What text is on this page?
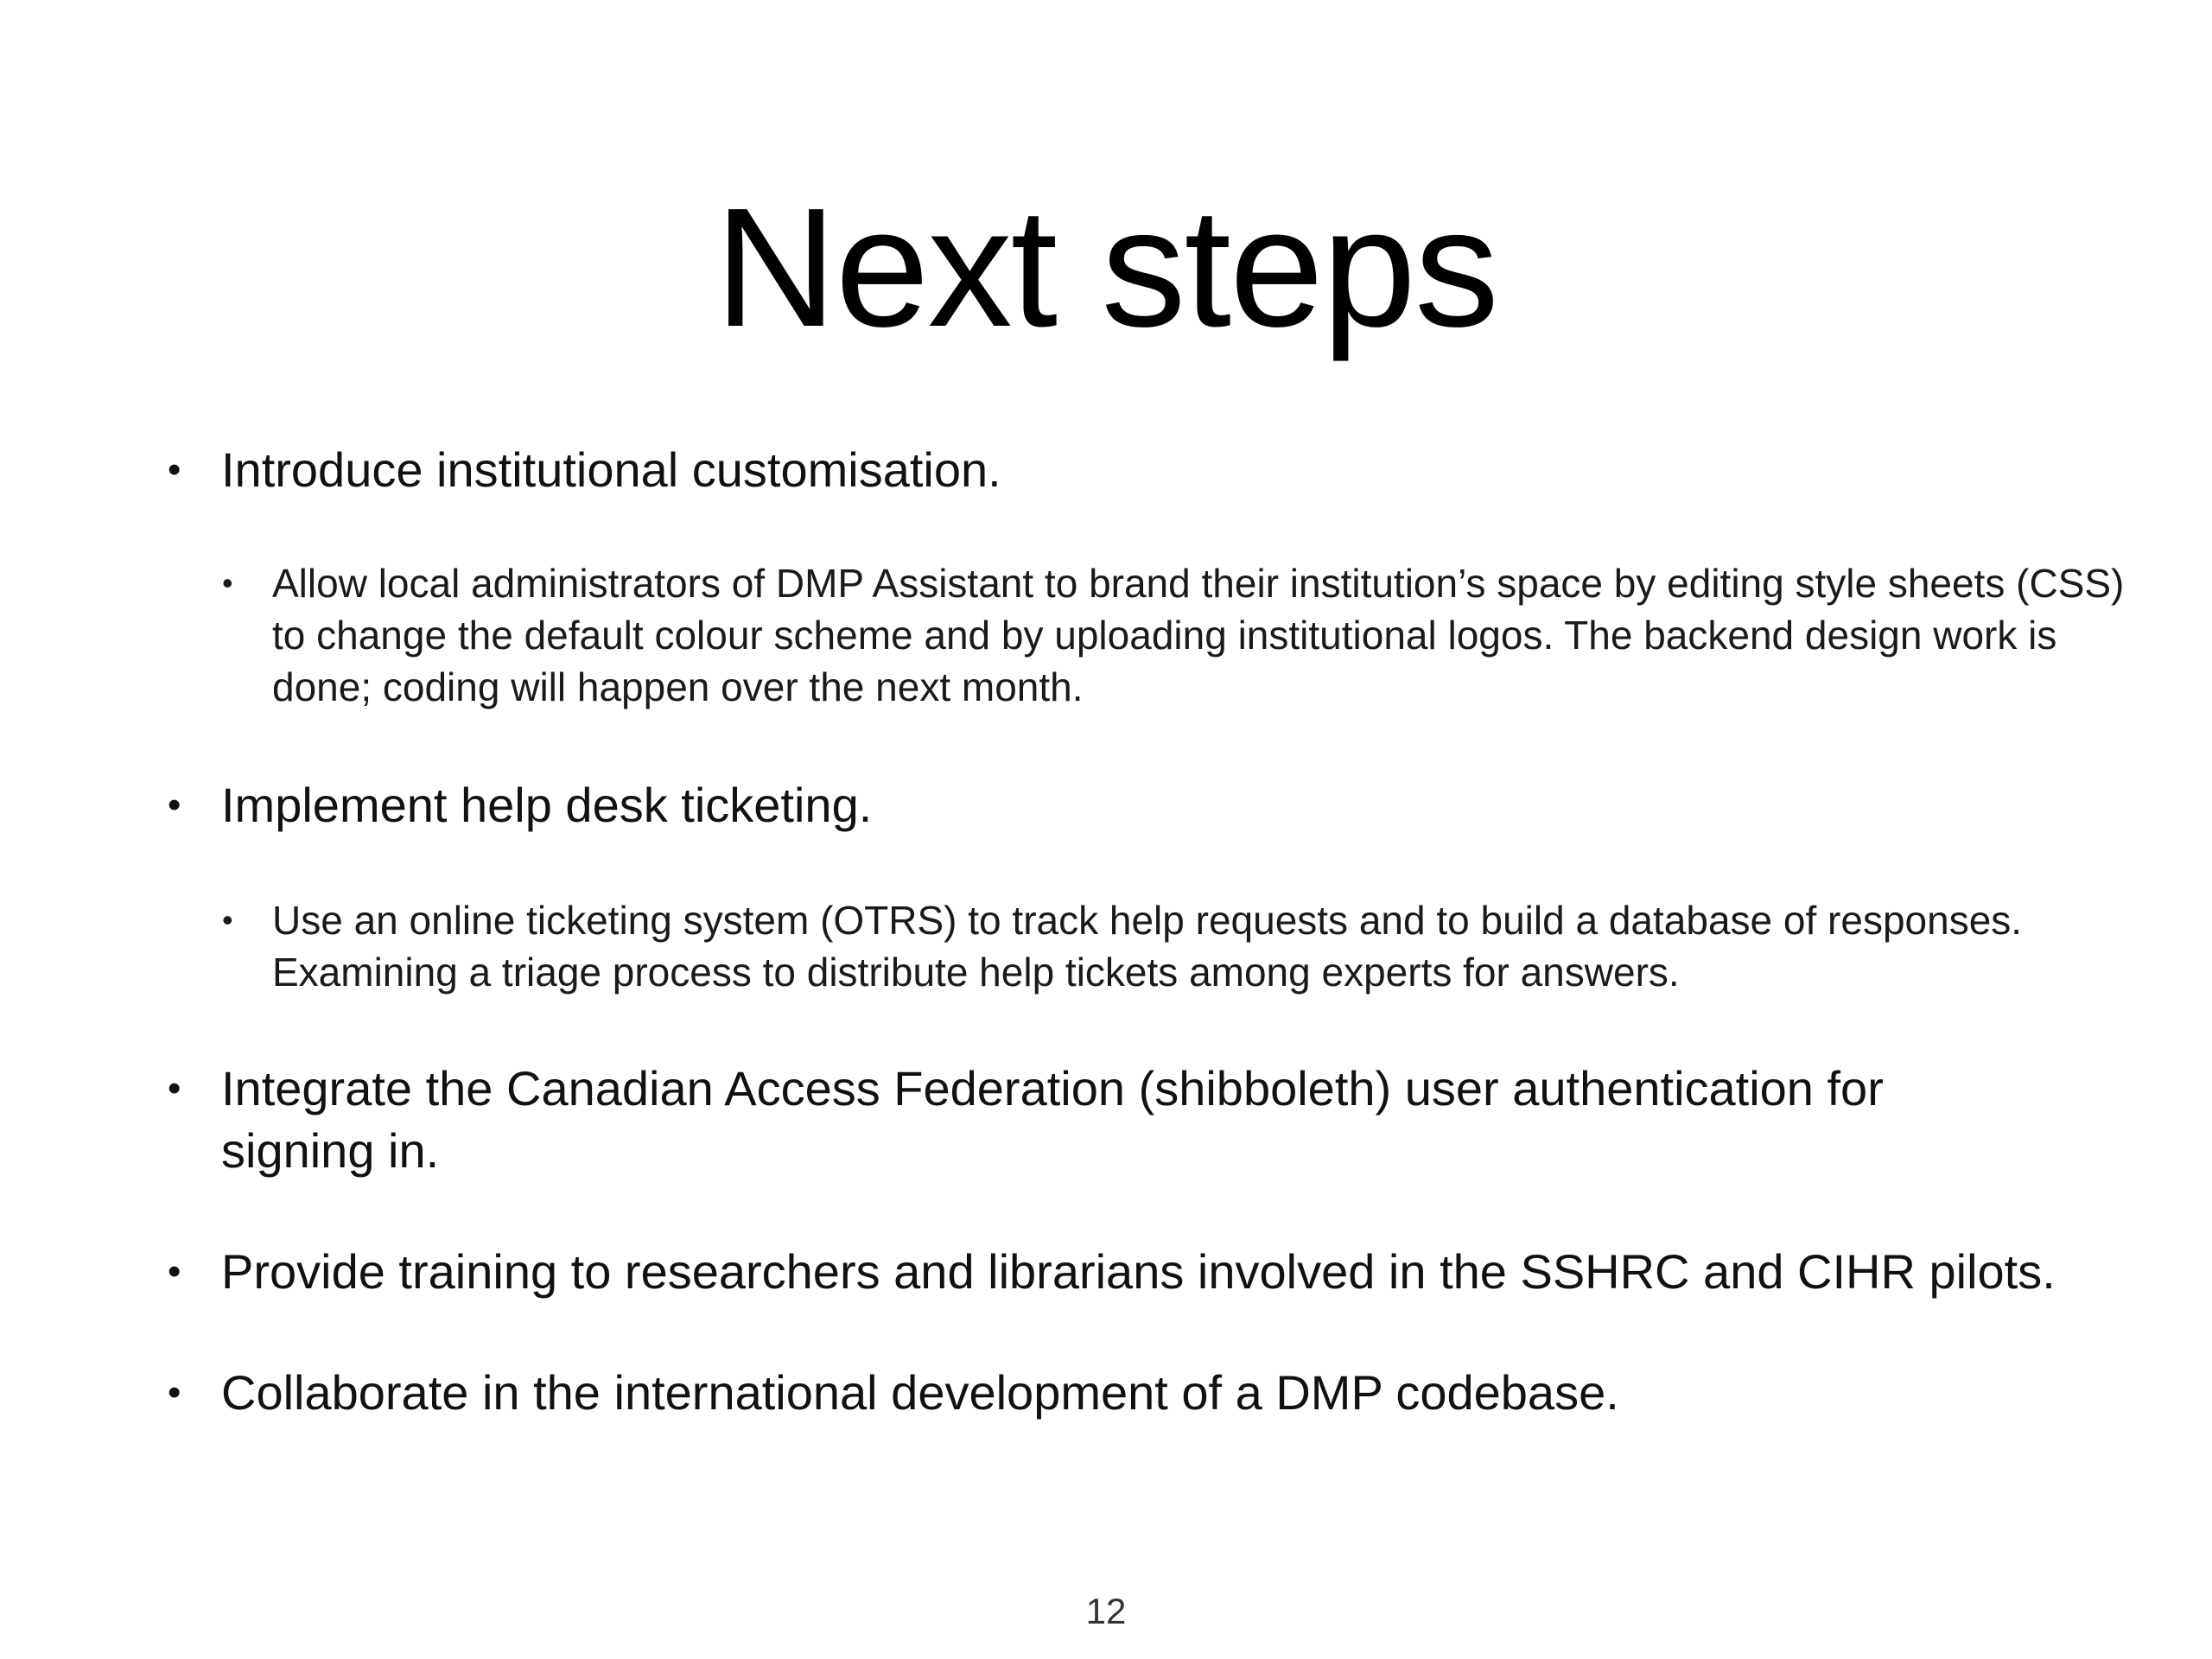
Next steps
• Introduce institutional customisation.
• Allow local administrators of DMP Assistant to brand their institution’s space by editing style sheets (CSS) to change the default colour scheme and by uploading institutional logos. The backend design work is done; coding will happen over the next month.
• Implement help desk ticketing.
• Use an online ticketing system (OTRS) to track help requests and to build a database of responses. Examining a triage process to distribute help tickets among experts for answers.
• Integrate the Canadian Access Federation (shibboleth) user authentication for signing in.
• Provide training to researchers and librarians involved in the SSHRC and CIHR pilots.
• Collaborate in the international development of a DMP codebase.
12
